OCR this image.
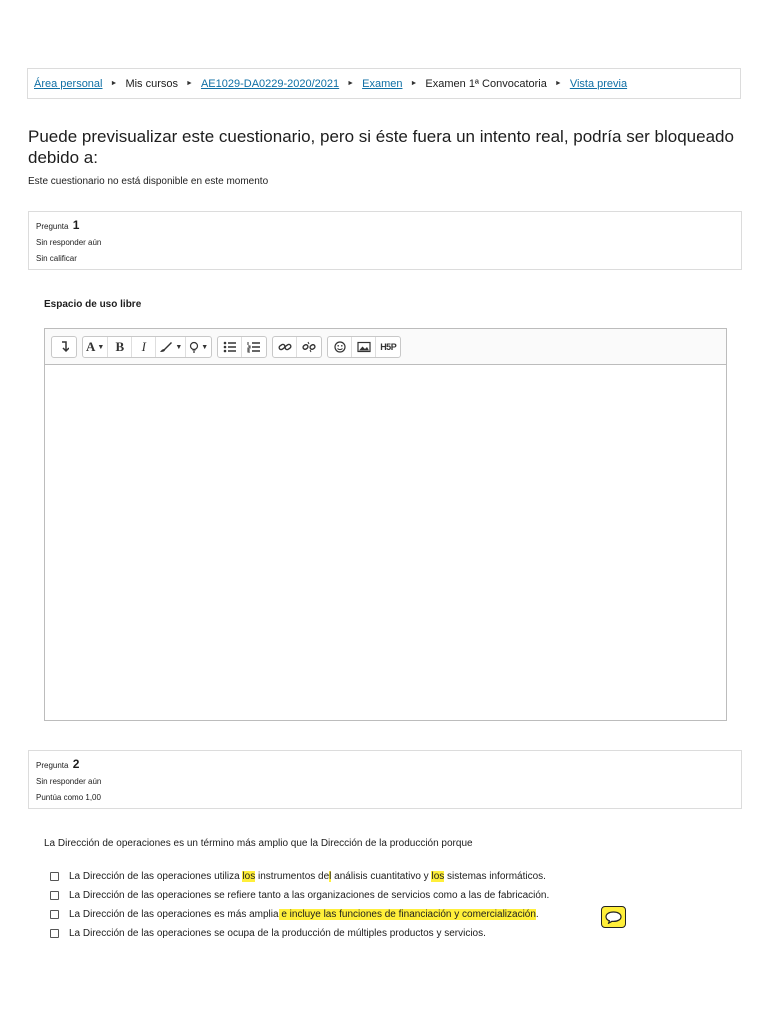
Área personal ► Mis cursos ► AE1029-DA0229-2020/2021 ► Examen ► Examen 1ª Convocatoria ► Vista previa
Puede previsualizar este cuestionario, pero si éste fuera un intento real, podría ser bloqueado debido a:
Este cuestionario no está disponible en este momento
Pregunta 1
Sin responder aún
Sin calificar
Espacio de uso libre
A ▼ B	I	▼	▼	H5P
Pregunta 2
Sin responder aún
Puntúa como 1,00
La Dirección de operaciones es un término más amplio que la Dirección de la producción porque
La Dirección de las operaciones utiliza los instrumentos del análisis cuantitativo y los sistemas informáticos.
La Dirección de las operaciones se refiere tanto a las organizaciones de servicios como a las de fabricación.
La Dirección de las operaciones es más amplia e incluye las funciones de financiación y comercialización.
La Dirección de las operaciones se ocupa de la producción de múltiples productos y servicios.
